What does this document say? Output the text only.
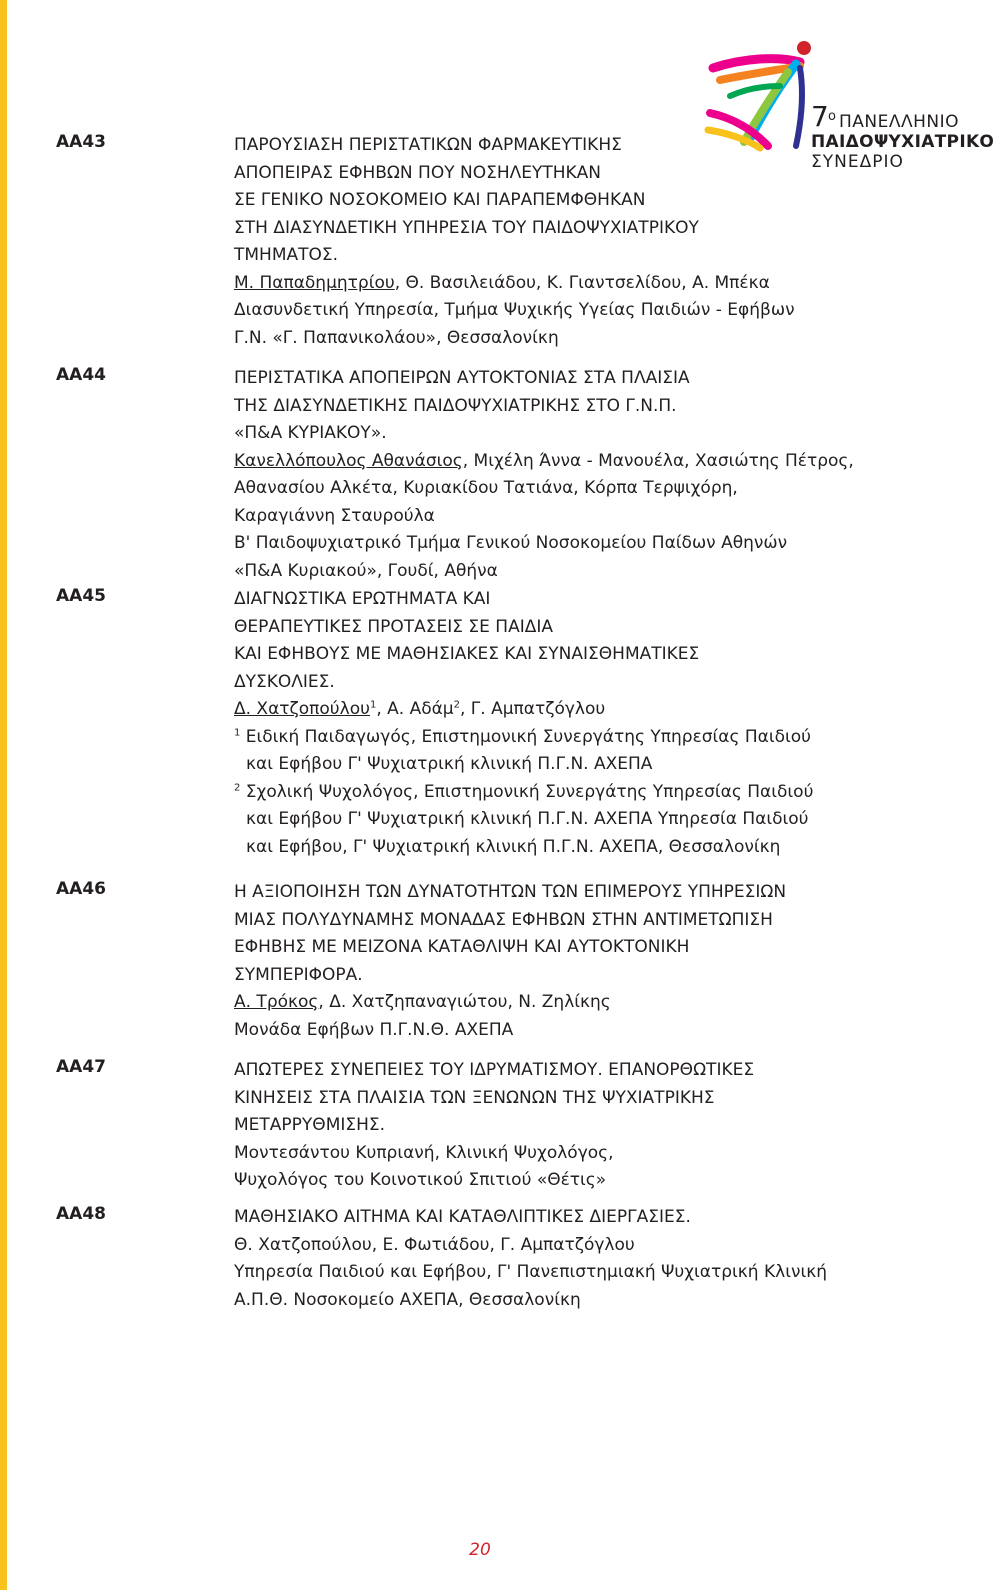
7 ο ΠΑΝΕΛΛΗΝΙΟ
ΠΑΙΔΟΨΥΧΙΑΤΡΙΚΟ
ΣΥΝΕΔΡΙΟ
ΑΑ43	ΠΑΡΟΥΣΙΑΣΗ ΠΕΡΙΣΤΑΤΙΚΩΝ ΦΑΡΜΑΚΕΥΤΙΚΗΣ
ΑΠΟΠΕΙΡΑΣ ΕΦΗΒΩΝ ΠΟΥ ΝΟΣΗΛΕΥΤΗΚΑΝ
ΣΕ ΓΕΝΙΚΟ ΝΟΣΟΚΟΜΕΙΟ ΚΑΙ ΠΑΡΑΠΕΜΦΘΗΚΑΝ
ΣΤΗ ΔΙΑΣΥΝΔΕΤΙΚΗ ΥΠΗΡΕΣΙΑ ΤΟΥ ΠΑΙΔΟΨΥΧΙΑΤΡΙΚΟΥ
ΤΜΗΜΑΤΟΣ.
Μ. Παπαδημητρίου, Θ. Βασιλειάδου, Κ. Γιαντσελίδου, Α. Μπέκα
Διασυνδετική Υπηρεσία, Τμήμα Ψυχικής Υγείας Παιδιών - Εφήβων
Γ.Ν. «Γ. Παπανικολάου», Θεσσαλονίκη
ΑΑ44	ΠΕΡΙΣΤΑΤΙΚΑ ΑΠΟΠΕΙΡΩΝ ΑΥΤΟΚΤΟΝΙΑΣ ΣΤΑ ΠΛΑΙΣΙΑ
ΤΗΣ ΔΙΑΣΥΝΔΕΤΙΚΗΣ ΠΑΙΔΟΨΥΧΙΑΤΡΙΚΗΣ ΣΤΟ Γ.Ν.Π.
«Π&Α ΚΥΡΙΑΚΟΥ».
Κανελλόπουλος Αθανάσιος, Μιχέλη Άννα - Μανουέλα, Χασιώτης Πέτρος,
Αθανασίου Αλκέτα, Κυριακίδου Τατιάνα, Κόρπα Τερψιχόρη,
Καραγιάννη Σταυρούλα
Β' Παιδοψυχιατρικό Τμήμα Γενικού Νοσοκομείου Παίδων Αθηνών
«Π&Α Κυριακού», Γουδί, Αθήνα
ΑΑ45	ΔΙΑΓΝΩΣΤΙΚΑ ΕΡΩΤΗΜΑΤΑ ΚΑΙ
ΘΕΡΑΠΕΥΤΙΚΕΣ ΠΡΟΤΑΣΕΙΣ ΣΕ ΠΑΙΔΙΑ
ΚΑΙ ΕΦΗΒΟΥΣ ΜΕ ΜΑΘΗΣΙΑΚΕΣ ΚΑΙ ΣΥΝΑΙΣΘΗΜΑΤΙΚΕΣ
ΔΥΣΚΟΛΙΕΣ.
Δ. Χατζοπούλου$^1$, Α. Αδάμ$^2$, Γ. Αμπατζόγλου
$^1$ Ειδική Παιδαγωγός, Επιστημονική Συνεργάτης Υπηρεσίας Παιδιού
και Εφήβου Γ' Ψυχιατρική κλινική Π.Γ.Ν. ΑΧΕΠΑ
$^2$ Σχολική Ψυχολόγος, Επιστημονική Συνεργάτης Υπηρεσίας Παιδιού
και Εφήβου Γ' Ψυχιατρική κλινική Π.Γ.Ν. ΑΧΕΠΑ Υπηρεσία Παιδιού
και Εφήβου, Γ' Ψυχιατρική κλινική Π.Γ.Ν. ΑΧΕΠΑ, Θεσσαλονίκη
ΑΑ46	Η ΑΞΙΟΠΟΙΗΣΗ ΤΩΝ ΔΥΝΑΤΟΤΗΤΩΝ ΤΩΝ ΕΠΙΜΕΡΟΥΣ ΥΠΗΡΕΣΙΩΝ
ΜΙΑΣ ΠΟΛΥΔΥΝΑΜΗΣ ΜΟΝΑΔΑΣ ΕΦΗΒΩΝ ΣΤΗΝ ΑΝΤΙΜΕΤΩΠΙΣΗ
ΕΦΗΒΗΣ ΜΕ ΜΕΙΖΟΝΑ ΚΑΤΑΘΛΙΨΗ ΚΑΙ ΑΥΤΟΚΤΟΝΙΚΗ
ΣΥΜΠΕΡΙΦΟΡΑ.
Α. Τρόκος, Δ. Χατζηπαναγιώτου, Ν. Ζηλίκης
Μονάδα Εφήβων Π.Γ.Ν.Θ. ΑΧΕΠΑ
ΑΑ47	ΑΠΩΤΕΡΕΣ ΣΥΝΕΠΕΙΕΣ ΤΟΥ ΙΔΡΥΜΑΤΙΣΜΟΥ. ΕΠΑΝΟΡΘΩΤΙΚΕΣ
ΚΙΝΗΣΕΙΣ ΣΤΑ ΠΛΑΙΣΙΑ ΤΩΝ ΞΕΝΩΝΩΝ ΤΗΣ ΨΥΧΙΑΤΡΙΚΗΣ
ΜΕΤΑΡΡΥΘΜΙΣΗΣ.
Μοντεσάντου Κυπριανή, Κλινική Ψυχολόγος,
Ψυχολόγος του Κοινοτικού Σπιτιού «Θέτις»
ΑΑ48	ΜΑΘΗΣΙΑΚΟ ΑΙΤΗΜΑ ΚΑΙ ΚΑΤΑΘΛΙΠΤΙΚΕΣ ΔΙΕΡΓΑΣΙΕΣ.
Θ. Χατζοπούλου, Ε. Φωτιάδου, Γ. Αμπατζόγλου
Υπηρεσία Παιδιού και Εφήβου, Γ' Πανεπιστημιακή Ψυχιατρική Κλινική
Α.Π.Θ. Νοσοκομείο ΑΧΕΠΑ, Θεσσαλονίκη
20
